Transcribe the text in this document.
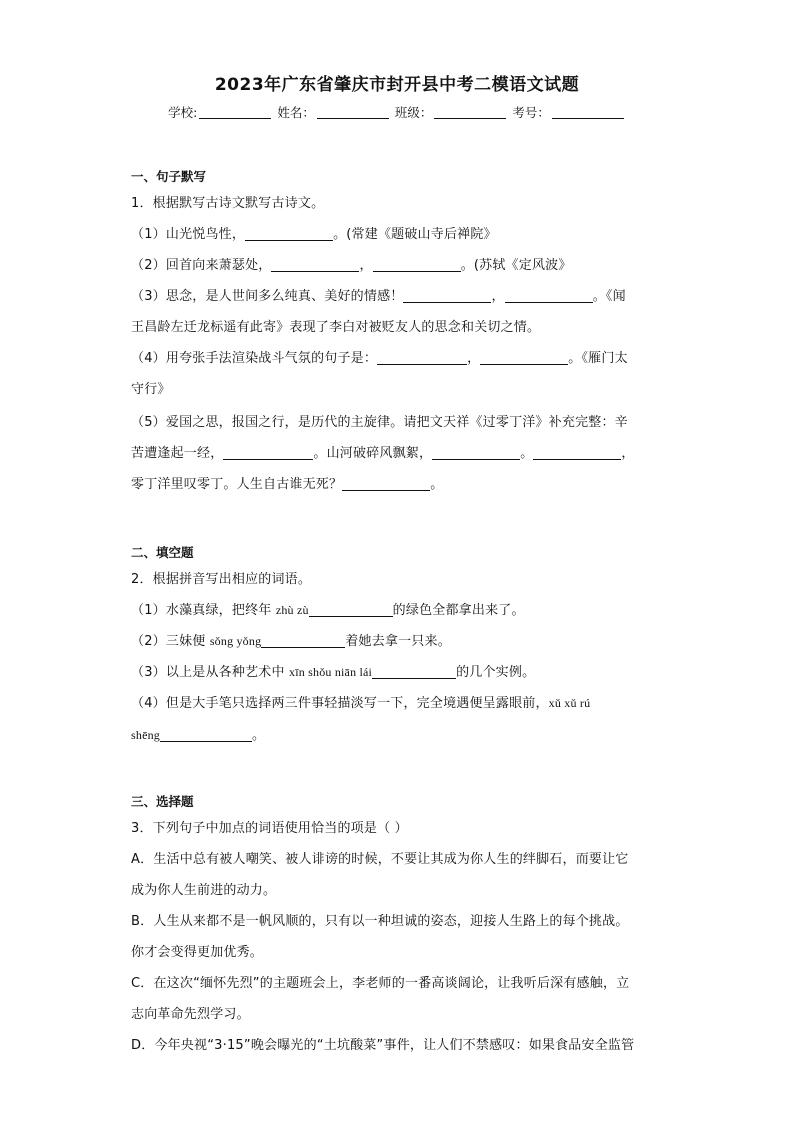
2023年广东省肇庆市封开县中考二模语文试题
学校:	姓名：	班级：	考号：
一、句子默写
1．根据默写古诗文默写古诗文。
（1）山光悦鸟性，	。(常建《题破山寺后禅院》
（2）回首向来萧瑟处，	，	。(苏轼《定风波》
（3）思念，是人世间多么纯真、美好的情感！	，	。《闻
王昌龄左迁龙标遥有此寄》表现了李白对被贬友人的思念和关切之情。
（4）用夸张手法渲染战斗气氛的句子是：	，	。《雁门太
守行》
（5）爱国之思，报国之行，是历代的主旋律。请把文天祥《过零丁洋》补充完整：辛
苦遭逢起一经，	。山河破碎风飘絮，	。	，
零丁洋里叹零丁。人生自古谁无死？	。
二、填空题
2．根据拼音写出相应的词语。
（1）水藻真绿，把终年 zhù zù	的绿色全都拿出来了。
（2）三妹便 sǒng yǒng	着她去拿一只来。
（3）以上是从各种艺术中 xīn shǒu niān lái	的几个实例。
（4）但是大手笔只选择两三件事轻描淡写一下，完全境遇便呈露眼前，xǔ xǔ rú
shēng	。
三、选择题
3．下列句子中加点的词语使用恰当的项是（ ）
A．生活中总有被人嘲笑、被人诽谤的时候，不要让其成为你人生的绊脚石，而要让它
成为你人生前进的动力。
B．人生从来都不是一帆风顺的，只有以一种坦诚的姿态，迎接人生路上的每个挑战。
你才会变得更加优秀。
C．在这次“缅怀先烈”的主题班会上，李老师的一番高谈阔论，让我听后深有感触，立
志向革命先烈学习。
D．今年央视“3·15”晚会曝光的“土坑酸菜”事件，让人们不禁感叹：如果食品安全监管
